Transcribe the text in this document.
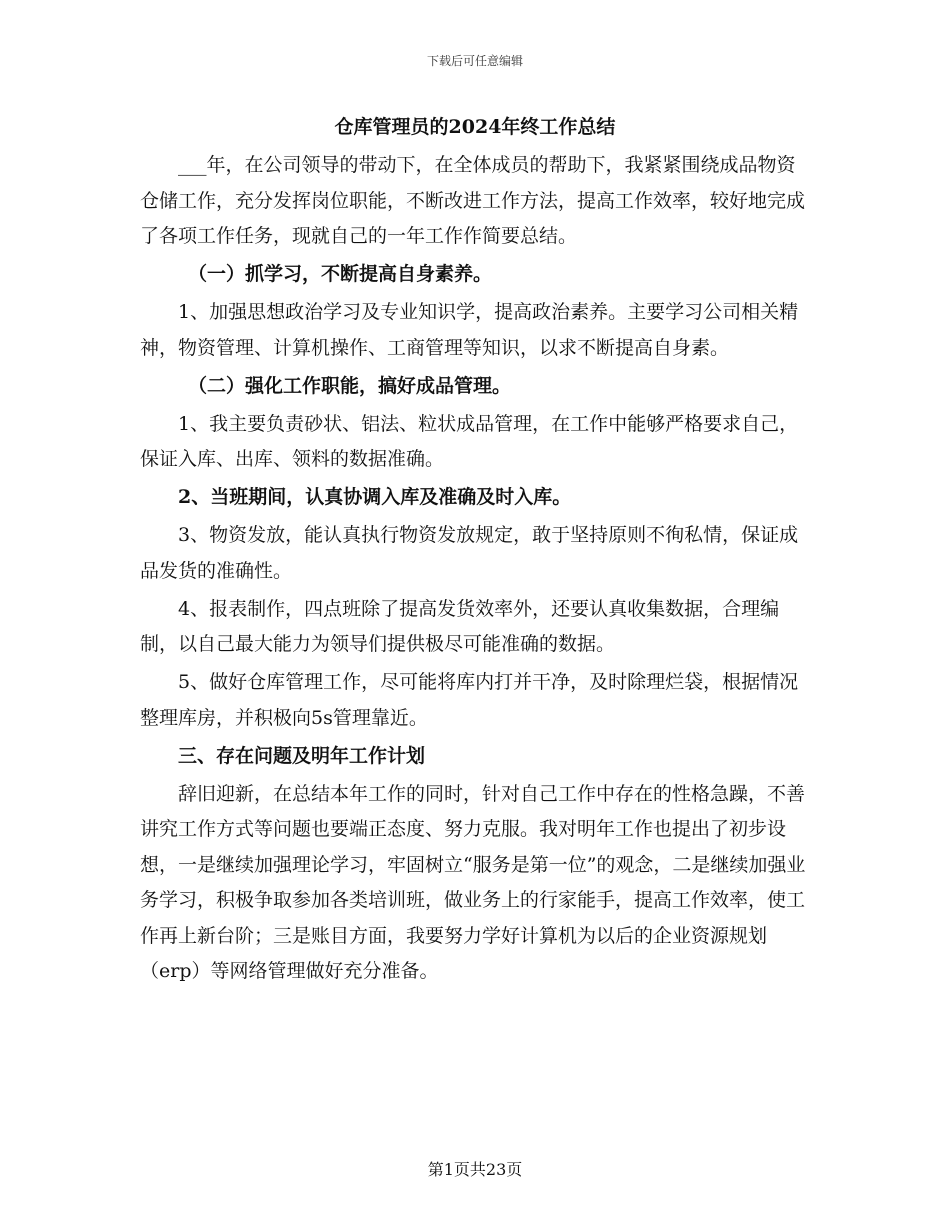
下载后可任意编辑
仓库管理员的2024年终工作总结

___年，在公司领导的带动下，在全体成员的帮助下，我紧紧围绕成品物资仓储工作，充分发挥岗位职能，不断改进工作方法，提高工作效率，较好地完成了各项工作任务，现就自己的一年工作作简要总结。

（一）抓学习，不断提高自身素养。

1、加强思想政治学习及专业知识学，提高政治素养。主要学习公司相关精神，物资管理、计算机操作、工商管理等知识，以求不断提高自身素。

（二）强化工作职能，搞好成品管理。

1、我主要负责砂状、铝法、粒状成品管理，在工作中能够严格要求自己，保证入库、出库、领料的数据准确。

2、当班期间，认真协调入库及准确及时入库。

3、物资发放，能认真执行物资发放规定，敢于坚持原则不徇私情，保证成品发货的准确性。

4、报表制作，四点班除了提高发货效率外，还要认真收集数据，合理编制，以自己最大能力为领导们提供极尽可能准确的数据。

5、做好仓库管理工作，尽可能将库内打并干净，及时除理烂袋，根据情况整理库房，并积极向5s管理靠近。

三、存在问题及明年工作计划

辞旧迎新，在总结本年工作的同时，针对自己工作中存在的性格急躁，不善讲究工作方式等问题也要端正态度、努力克服。我对明年工作也提出了初步设想，一是继续加强理论学习，牢固树立“服务是第一位”的观念，二是继续加强业务学习，积极争取参加各类培训班，做业务上的行家能手，提高工作效率，使工作再上新台阶；三是账目方面，我要努力学好计算机为以后的企业资源规划（erp）等网络管理做好充分准备。

第1页共23页
